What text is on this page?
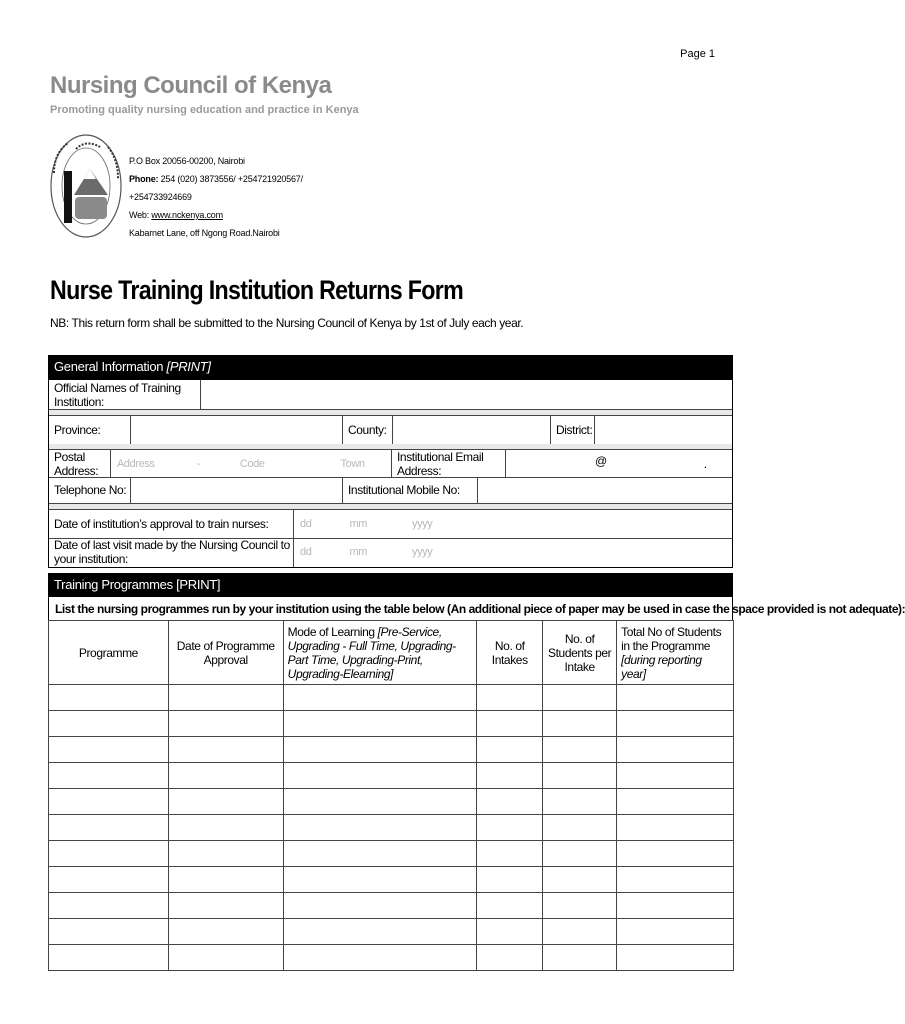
Page 1
Nursing Council of Kenya
Promoting quality nursing education and practice in Kenya
P.O Box 20056-00200, Nairobi
Phone: 254 (020) 3873556/ +254721920567/
+254733924669
Web: www.nckenya.com
Kabarnet Lane, off Ngong Road.Nairobi
Nurse Training Institution Returns Form
NB: This return form shall be submitted to the Nursing Council of Kenya by 1st of July each year.
General Information [PRINT]
Official Names of Training Institution:
Province:	County:	District:
Postal Address:	Address	-	Code	Town	Institutional Email Address:
@	.
Telephone No:	Institutional Mobile No:
Date of institution’s approval to train nurses:	dd	mm	yyyy
Date of last visit made by the Nursing Council to your institution:	dd	mm	yyyy
Training Programmes [PRINT]
List the nursing programmes run by your institution using the table below (An additional piece of paper may be used in case the space provided is not adequate):
Programme	Date of Programme Approval	Mode of Learning [Pre-Service, Upgrading - Full Time, Upgrading-Part Time, Upgrading-Print, Upgrading-Elearning]	No. of Intakes	No. of Students per Intake	Total No of Students in the Programme [during reporting year]
